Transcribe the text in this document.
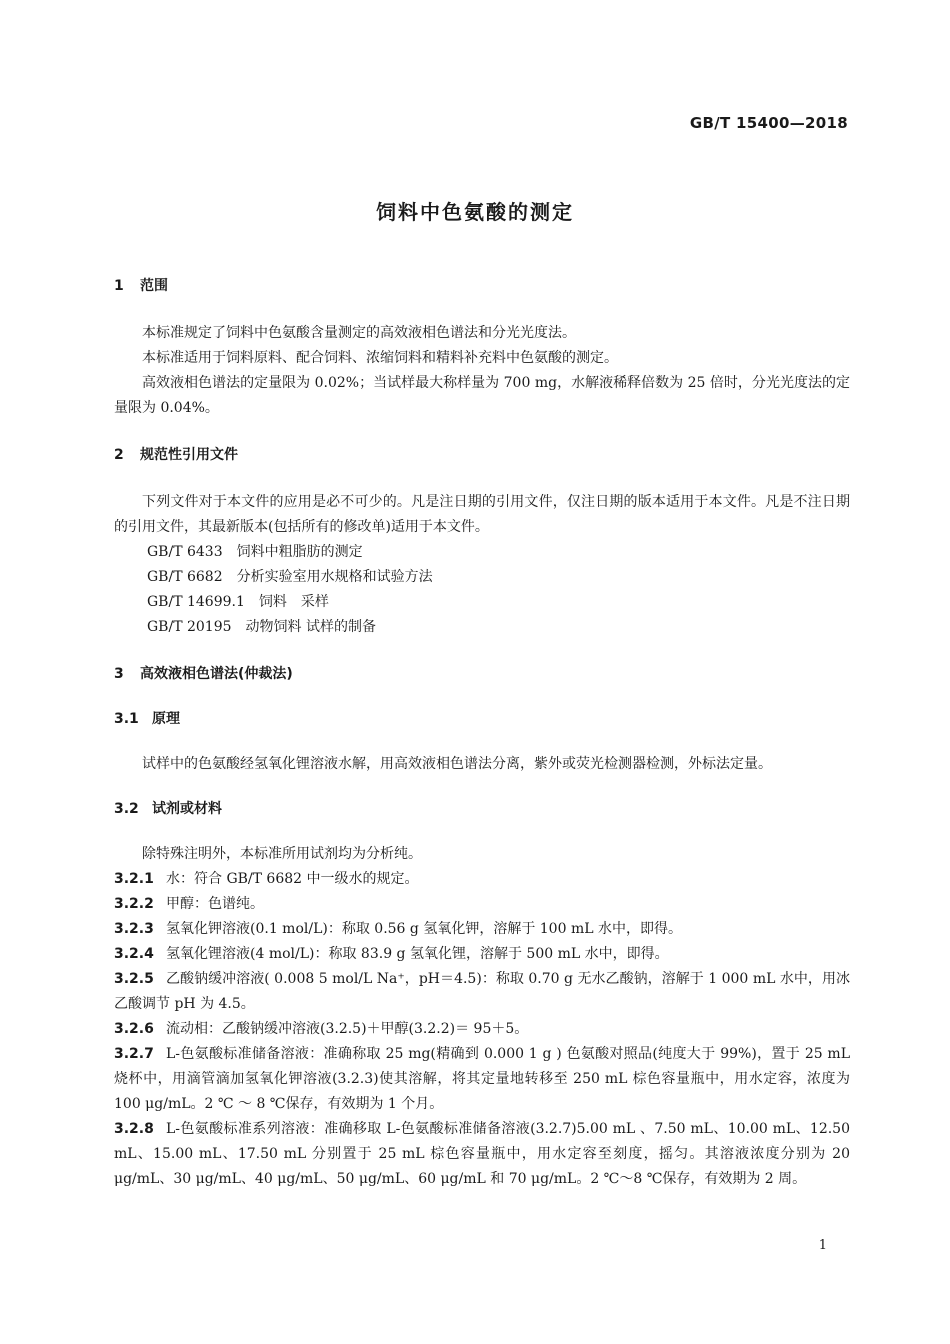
GB/T 15400—2018
饲料中色氨酸的测定
1 范围

本标准规定了饲料中色氨酸含量测定的高效液相色谱法和分光光度法。

本标准适用于饲料原料、配合饲料、浓缩饲料和精料补充料中色氨酸的测定。

高效液相色谱法的定量限为 0.02%；当试样最大称样量为 700 mg，水解液稀释倍数为 25 倍时，分光光度法的定量限为 0.04%。

2 规范性引用文件

下列文件对于本文件的应用是必不可少的。凡是注日期的引用文件，仅注日期的版本适用于本文件。凡是不注日期的引用文件，其最新版本(包括所有的修改单)适用于本文件。

GB/T 6433　饲料中粗脂肪的测定

GB/T 6682　分析实验室用水规格和试验方法

GB/T 14699.1　饲料　采样

GB/T 20195　动物饲料 试样的制备

3 高效液相色谱法(仲裁法)
3.1 原理

试样中的色氨酸经氢氧化锂溶液水解，用高效液相色谱法分离，紫外或荧光检测器检测，外标法定量。

3.2 试剂或材料

除特殊注明外，本标准所用试剂均为分析纯。

3.2.1 水：符合 GB/T 6682 中一级水的规定。

3.2.2 甲醇：色谱纯。

3.2.3 氢氧化钾溶液(0.1 mol/L)：称取 0.56 g 氢氧化钾，溶解于 100 mL 水中，即得。

3.2.4 氢氧化锂溶液(4 mol/L)：称取 83.9 g 氢氧化锂，溶解于 500 mL 水中，即得。

3.2.5 乙酸钠缓冲溶液( 0.008 5 mol/L Na⁺，pH＝4.5)：称取 0.70 g 无水乙酸钠，溶解于 1 000 mL 水中，用冰乙酸调节 pH 为 4.5。

3.2.6 流动相：乙酸钠缓冲溶液(3.2.5)＋甲醇(3.2.2)＝ 95＋5。

3.2.7 L-色氨酸标准储备溶液：准确称取 25 mg(精确到 0.000 1 g ) 色氨酸对照品(纯度大于 99%)，置于 25 mL 烧杯中，用滴管滴加氢氧化钾溶液(3.2.3)使其溶解，将其定量地转移至 250 mL 棕色容量瓶中，用水定容，浓度为 100 μg/mL。2 ℃ ～ 8 ℃保存，有效期为 1 个月。

3.2.8 L-色氨酸标准系列溶液：准确移取 L-色氨酸标准储备溶液(3.2.7)5.00 mL 、7.50 mL、10.00 mL、12.50 mL、15.00 mL、17.50 mL 分别置于 25 mL 棕色容量瓶中，用水定容至刻度，摇匀。其溶液浓度分别为 20 μg/mL、30 μg/mL、40 μg/mL、50 μg/mL、60 μg/mL 和 70 μg/mL。2 ℃～8 ℃保存，有效期为 2 周。

1
